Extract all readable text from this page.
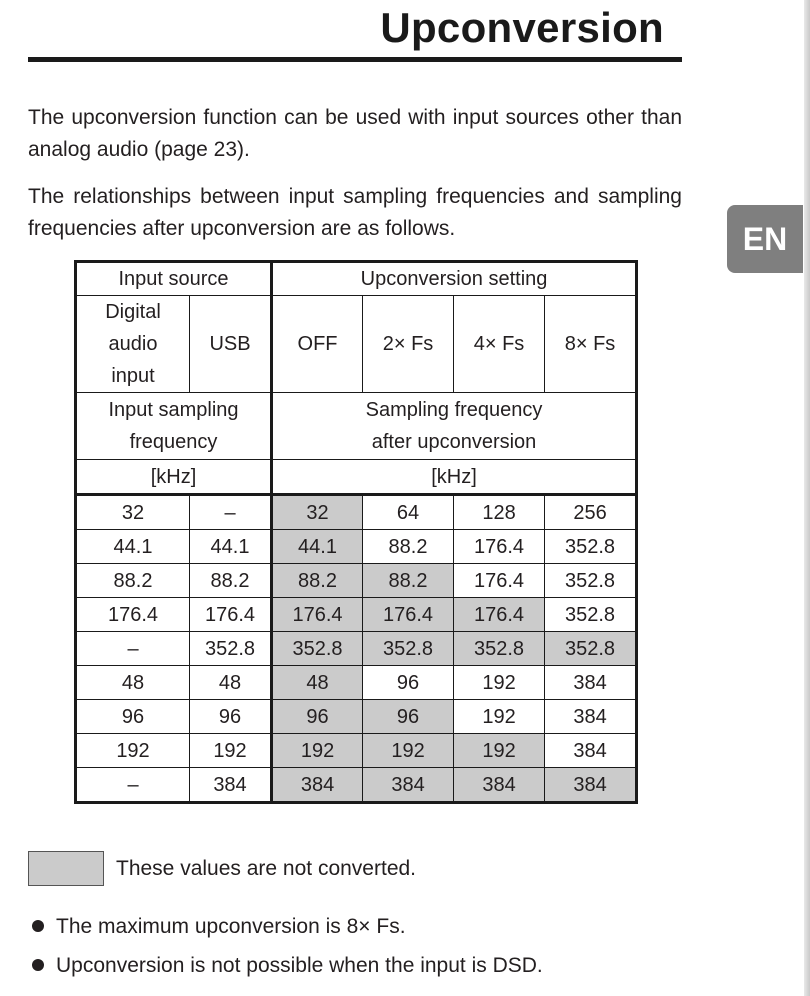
Upconversion
EN

The upconversion function can be used with input sources other than analog audio (page 23).

The relationships between input sampling frequencies and sampling frequencies after upconversion are as follows.

Input source		Upconversion setting			
Digital audio input	USB	OFF	2× Fs	4× Fs	8× Fs
Input sampling frequency		Sampling frequency after upconversion			
[kHz]		[kHz]			
32	–	32	64	128	256
44.1	44.1	44.1	88.2	176.4	352.8
88.2	88.2	88.2	88.2	176.4	352.8
176.4	176.4	176.4	176.4	176.4	352.8
–	352.8	352.8	352.8	352.8	352.8
48	48	48	96	192	384
96	96	96	96	192	384
192	192	192	192	192	384
–	384	384	384	384	384
These values are not converted.
The maximum upconversion is 8× Fs.
Upconversion is not possible when the input is DSD.
